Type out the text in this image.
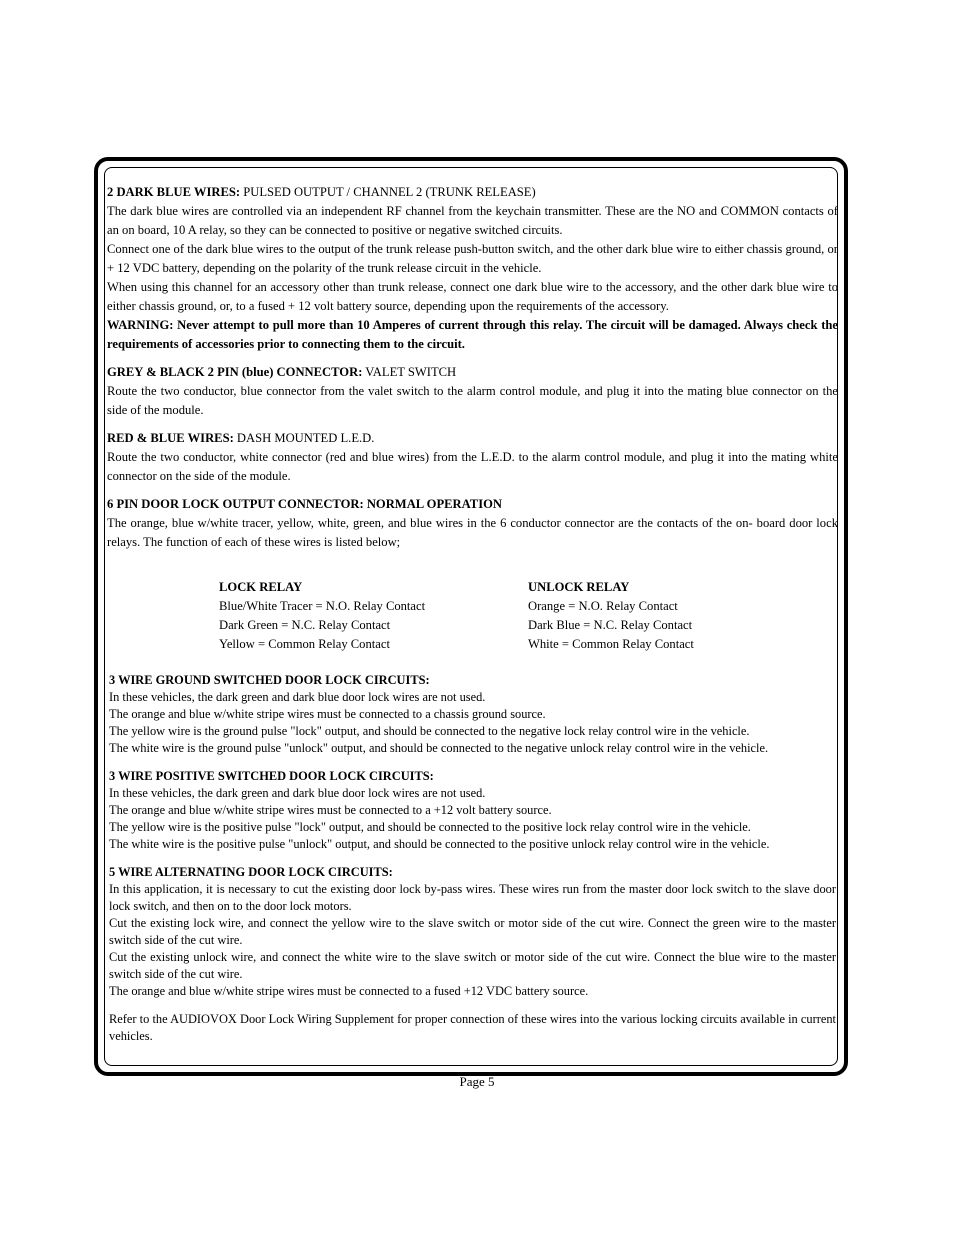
2 DARK BLUE WIRES: PULSED OUTPUT / CHANNEL 2 (TRUNK RELEASE)

The dark blue wires are controlled via an independent RF channel from the keychain transmitter. These are the NO and COMMON contacts of an on board, 10 A relay, so they can be connected to positive or negative switched circuits.

Connect one of the dark blue wires to the output of the trunk release push-button switch, and the other dark blue wire to either chassis ground, or + 12 VDC battery, depending on the polarity of the trunk release circuit in the vehicle.

When using this channel for an accessory other than trunk release, connect one dark blue wire to the accessory, and the other dark blue wire to either chassis ground, or, to a fused + 12 volt battery source, depending upon the requirements of the accessory.

WARNING: Never attempt to pull more than 10 Amperes of current through this relay. The circuit will be damaged. Always check the requirements of accessories prior to connecting them to the circuit.

GREY & BLACK 2 PIN (blue) CONNECTOR: VALET SWITCH

Route the two conductor, blue connector from the valet switch to the alarm control module, and plug it into the mating blue connector on the side of the module.

RED & BLUE WIRES: DASH MOUNTED L.E.D.

Route the two conductor, white connector (red and blue wires) from the L.E.D. to the alarm control module, and plug it into the mating white connector on the side of the module.

6 PIN DOOR LOCK OUTPUT CONNECTOR: NORMAL OPERATION

The orange, blue w/white tracer, yellow, white, green, and blue wires in the 6 conductor connector are the contacts of the on- board door lock relays. The function of each of these wires is listed below;

LOCK RELAY

Blue/White Tracer = N.O. Relay Contact

Dark Green = N.C. Relay Contact

Yellow = Common Relay Contact

UNLOCK RELAY

Orange = N.O. Relay Contact

Dark Blue = N.C. Relay Contact

White = Common Relay Contact

3 WIRE GROUND SWITCHED DOOR LOCK CIRCUITS:

In these vehicles, the dark green and dark blue door lock wires are not used.

The orange and blue w/white stripe wires must be connected to a chassis ground source.

The yellow wire is the ground pulse "lock" output, and should be connected to the negative lock relay control wire in the vehicle.

The white wire is the ground pulse "unlock" output, and should be connected to the negative unlock relay control wire in the vehicle.

3 WIRE POSITIVE SWITCHED DOOR LOCK CIRCUITS:

In these vehicles, the dark green and dark blue door lock wires are not used.

The orange and blue w/white stripe wires must be connected to a +12 volt battery source.

The yellow wire is the positive pulse "lock" output, and should be connected to the positive lock relay control wire in the vehicle.

The white wire is the positive pulse "unlock" output, and should be connected to the positive unlock relay control wire in the vehicle.

5 WIRE ALTERNATING DOOR LOCK CIRCUITS:

In this application, it is necessary to cut the existing door lock by-pass wires. These wires run from the master door lock switch to the slave door lock switch, and then on to the door lock motors.

Cut the existing lock wire, and connect the yellow wire to the slave switch or motor side of the cut wire. Connect the green wire to the master switch side of the cut wire.

Cut the existing unlock wire, and connect the white wire to the slave switch or motor side of the cut wire. Connect the blue wire to the master switch side of the cut wire.

The orange and blue w/white stripe wires must be connected to a fused +12 VDC battery source.

Refer to the AUDIOVOX Door Lock Wiring Supplement for proper connection of these wires into the various locking circuits available in current vehicles.

Page 5
